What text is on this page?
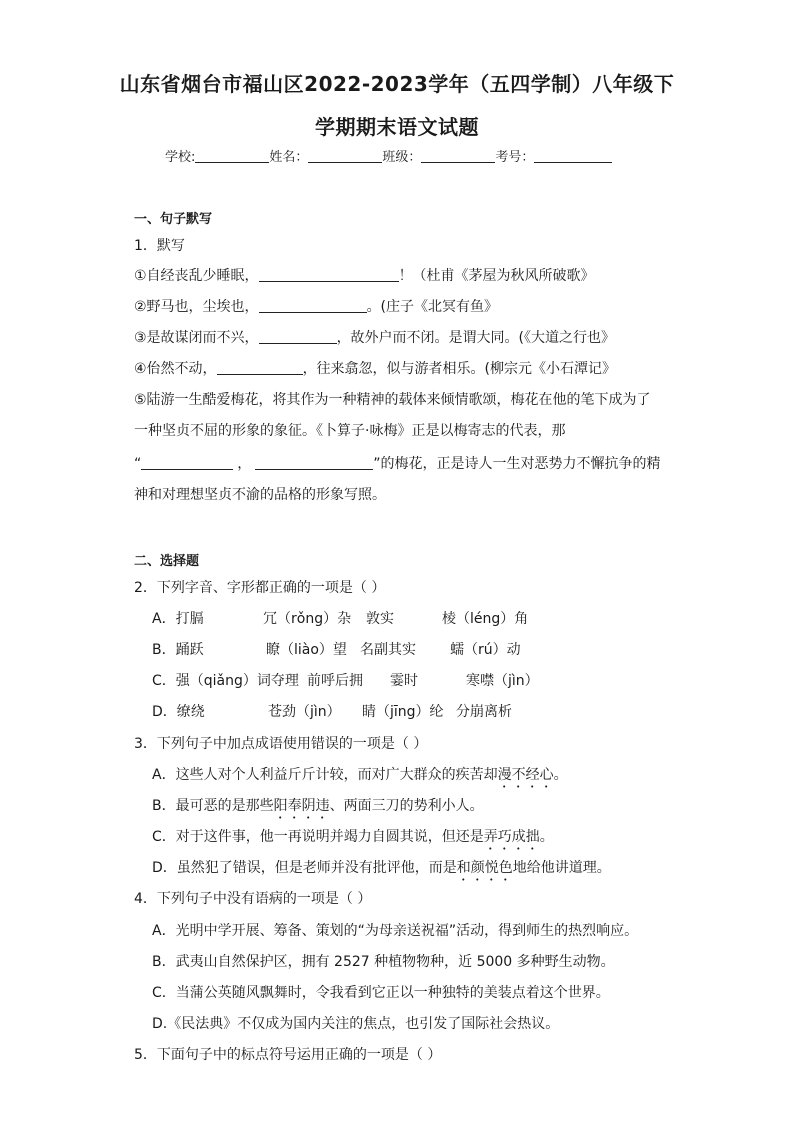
山东省烟台市福山区2022-2023学年（五四学制）八年级下
学期期末语文试题
学校:	姓名：	班级：	考号：
一、句子默写
1．默写
①自经丧乱少睡眠，	！（杜甫《茅屋为秋风所破歌》
②野马也，尘埃也，	。(庄子《北冥有鱼》
③是故谋闭而不兴，	，故外户而不闭。是谓大同。(《大道之行也》
④佁然不动，	，往来翕忽，似与游者相乐。(柳宗元《小石潭记》
⑤陆游一生酷爱梅花，将其作为一种精神的载体来倾情歌颂，梅花在他的笔下成为了
一种坚贞不屈的形象的象征。《卜算子·咏梅》正是以梅寄志的代表，那
“	，	”的梅花，正是诗人一生对恶势力不懈抗争的精
神和对理想坚贞不渝的品格的形象写照。
二、选择题
2．下列字音、字形都正确的一项是（ ）
A．打膈	冗（rǒng）杂 敦实	棱（léng）角
B．踊跃	瞭（liào）望 名副其实 蠕（rú）动
C．强（qiǎng）词夺理 前呼后拥 霎时	寒噤（jìn）
D．缭绕	苍劲（jìn） 睛（jīng）纶 分崩离析
3．下列句子中加点成语使用错误的一项是（ ）
A．这些人对个人利益斤斤计较，而对广大群众的疾苦却漫不经心。
B．最可恶的是那些阳奉阴违、两面三刀的势利小人。
C．对于这件事，他一再说明并竭力自圆其说，但还是弄巧成拙。
D．虽然犯了错误，但是老师并没有批评他，而是和颜悦色地给他讲道理。
4．下列句子中没有语病的一项是（ ）
A．光明中学开展、筹备、策划的“为母亲送祝福”活动，得到师生的热烈响应。
B．武夷山自然保护区，拥有 2527 种植物物种，近 5000 多种野生动物。
C．当蒲公英随风飘舞时，令我看到它正以一种独特的美装点着这个世界。
D.《民法典》不仅成为国内关注的焦点，也引发了国际社会热议。
5．下面句子中的标点符号运用正确的一项是（ ）
